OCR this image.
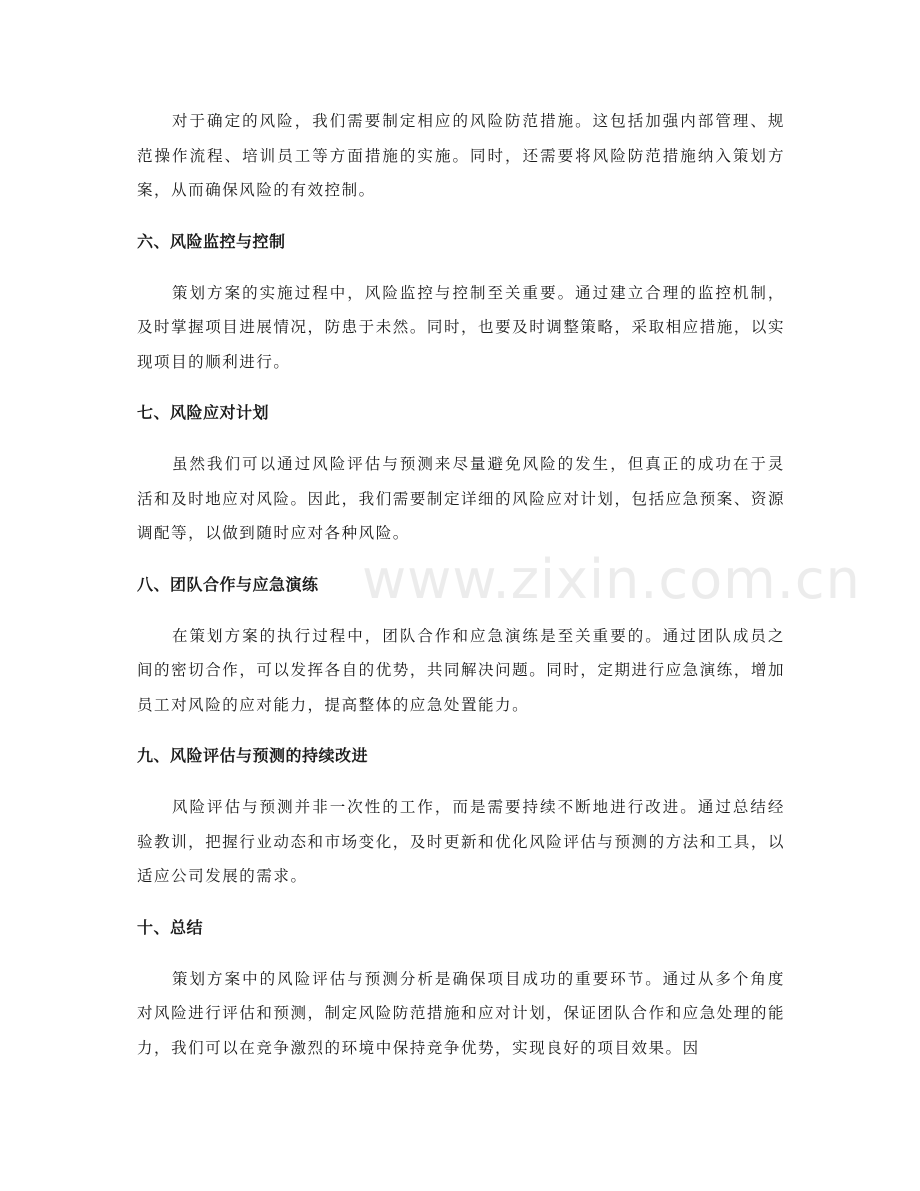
对于确定的风险，我们需要制定相应的风险防范措施。这包括加强内部管理、规范操作流程、培训员工等方面措施的实施。同时，还需要将风险防范措施纳入策划方案，从而确保风险的有效控制。

六、风险监控与控制

策划方案的实施过程中，风险监控与控制至关重要。通过建立合理的监控机制，及时掌握项目进展情况，防患于未然。同时，也要及时调整策略，采取相应措施，以实现项目的顺利进行。

七、风险应对计划

虽然我们可以通过风险评估与预测来尽量避免风险的发生，但真正的成功在于灵活和及时地应对风险。因此，我们需要制定详细的风险应对计划，包括应急预案、资源调配等，以做到随时应对各种风险。

八、团队合作与应急演练

在策划方案的执行过程中，团队合作和应急演练是至关重要的。通过团队成员之间的密切合作，可以发挥各自的优势，共同解决问题。同时，定期进行应急演练，增加员工对风险的应对能力，提高整体的应急处置能力。

九、风险评估与预测的持续改进

风险评估与预测并非一次性的工作，而是需要持续不断地进行改进。通过总结经验教训，把握行业动态和市场变化，及时更新和优化风险评估与预测的方法和工具，以适应公司发展的需求。

十、总结

策划方案中的风险评估与预测分析是确保项目成功的重要环节。通过从多个角度对风险进行评估和预测，制定风险防范措施和应对计划，保证团队合作和应急处理的能力，我们可以在竞争激烈的环境中保持竞争优势，实现良好的项目效果。因

www.zixin.com.cn
